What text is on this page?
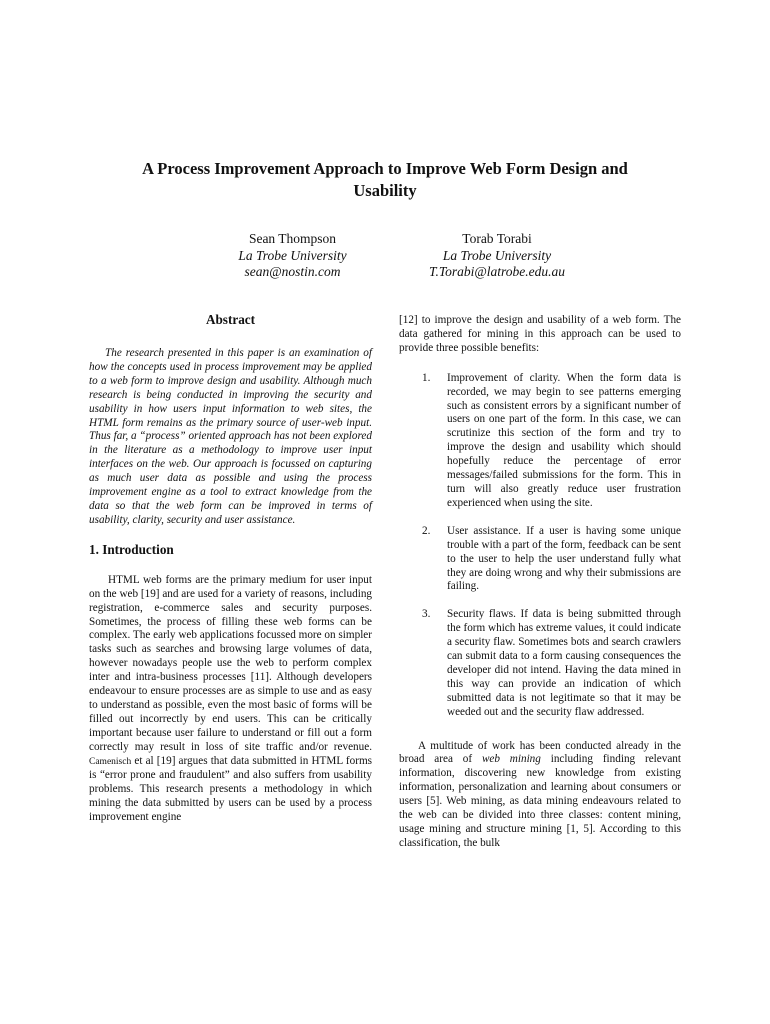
A Process Improvement Approach to Improve Web Form Design and Usability
Sean Thompson
La Trobe University
sean@nostin.com
Torab Torabi
La Trobe University
T.Torabi@latrobe.edu.au
Abstract

The research presented in this paper is an examination of how the concepts used in process improvement may be applied to a web form to improve design and usability. Although much research is being conducted in improving the security and usability in how users input information to web sites, the HTML form remains as the primary source of user-web input. Thus far, a “process” oriented approach has not been explored in the literature as a methodology to improve user input interfaces on the web. Our approach is focussed on capturing as much user data as possible and using the process improvement engine as a tool to extract knowledge from the data so that the web form can be improved in terms of usability, clarity, security and user assistance.

1. Introduction

HTML web forms are the primary medium for user input on the web [19] and are used for a variety of reasons, including registration, e-commerce sales and security purposes. Sometimes, the process of filling these web forms can be complex. The early web applications focussed more on simpler tasks such as searches and browsing large volumes of data, however nowadays people use the web to perform complex inter and intra-business processes [11]. Although developers endeavour to ensure processes are as simple to use and as easy to understand as possible, even the most basic of forms will be filled out incorrectly by end users. This can be critically important because user failure to understand or fill out a form correctly may result in loss of site traffic and/or revenue. Camenisch et al [19] argues that data submitted in HTML forms is “error prone and fraudulent” and also suffers from usability problems. This research presents a methodology in which mining the data submitted by users can be used by a process improvement engine

[12] to improve the design and usability of a web form. The data gathered for mining in this approach can be used to provide three possible benefits:

1. Improvement of clarity. When the form data is recorded, we may begin to see patterns emerging such as consistent errors by a significant number of users on one part of the form. In this case, we can scrutinize this section of the form and try to improve the design and usability which should hopefully reduce the percentage of error messages/failed submissions for the form. This in turn will also greatly reduce user frustration experienced when using the site.
2. User assistance. If a user is having some unique trouble with a part of the form, feedback can be sent to the user to help the user understand fully what they are doing wrong and why their submissions are failing.
3. Security flaws. If data is being submitted through the form which has extreme values, it could indicate a security flaw. Sometimes bots and search crawlers can submit data to a form causing consequences the developer did not intend. Having the data mined in this way can provide an indication of which submitted data is not legitimate so that it may be weeded out and the security flaw addressed.

A multitude of work has been conducted already in the broad area of web mining including finding relevant information, discovering new knowledge from existing information, personalization and learning about consumers or users [5]. Web mining, as data mining endeavours related to the web can be divided into three classes: content mining, usage mining and structure mining [1, 5]. According to this classification, the bulk
